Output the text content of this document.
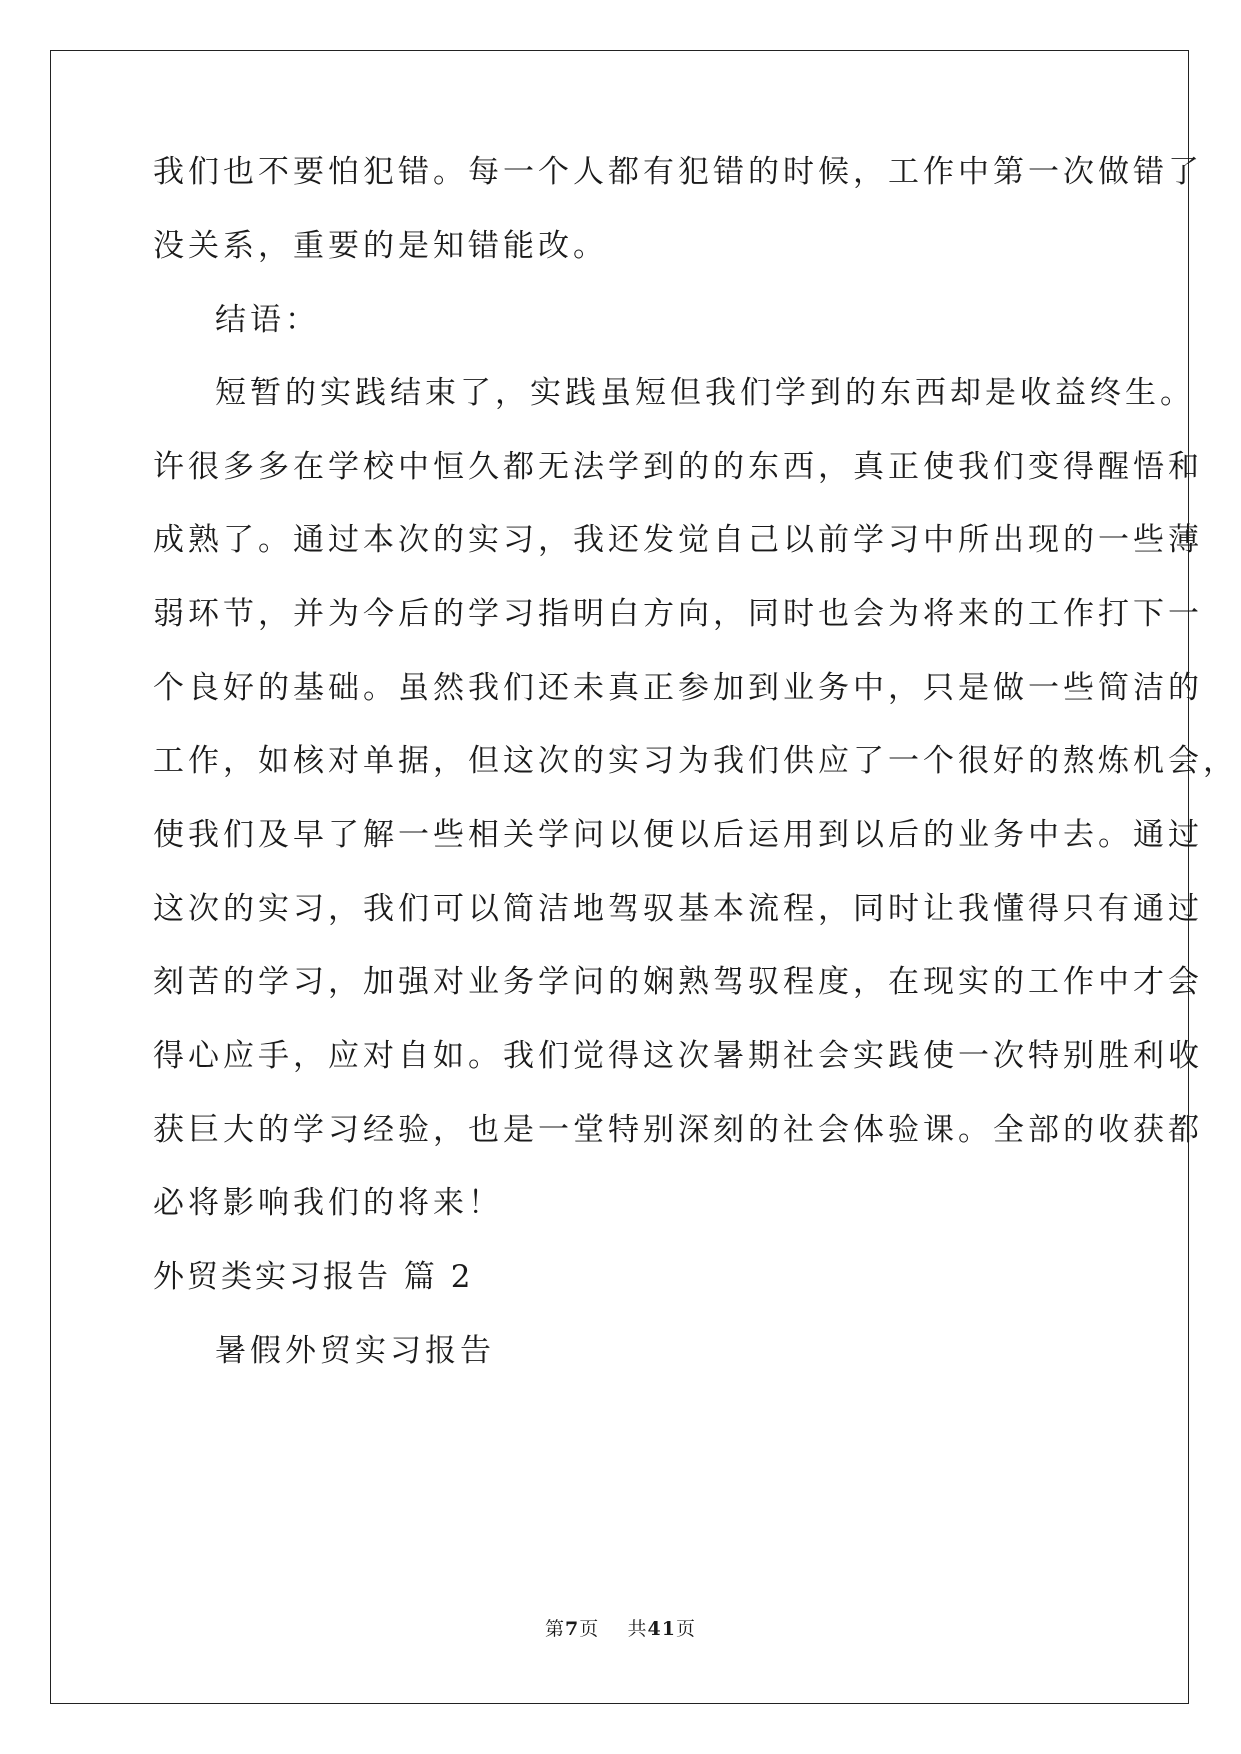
我们也不要怕犯错。每一个人都有犯错的时候，工作中第一次做错了
没关系，重要的是知错能改。
结语：
短暂的实践结束了，实践虽短但我们学到的东西却是收益终生。
许很多多在学校中恒久都无法学到的的东西，真正使我们变得醒悟和
成熟了。通过本次的实习，我还发觉自己以前学习中所出现的一些薄
弱环节，并为今后的学习指明白方向，同时也会为将来的工作打下一
个良好的基础。虽然我们还未真正参加到业务中，只是做一些简洁的
工作，如核对单据，但这次的实习为我们供应了一个很好的熬炼机会，
使我们及早了解一些相关学问以便以后运用到以后的业务中去。通过
这次的实习，我们可以简洁地驾驭基本流程，同时让我懂得只有通过
刻苦的学习，加强对业务学问的娴熟驾驭程度，在现实的工作中才会
得心应手，应对自如。我们觉得这次暑期社会实践使一次特别胜利收
获巨大的学习经验，也是一堂特别深刻的社会体验课。全部的收获都
必将影响我们的将来！
外贸类实习报告 篇 2
暑假外贸实习报告
第7页 共41页
